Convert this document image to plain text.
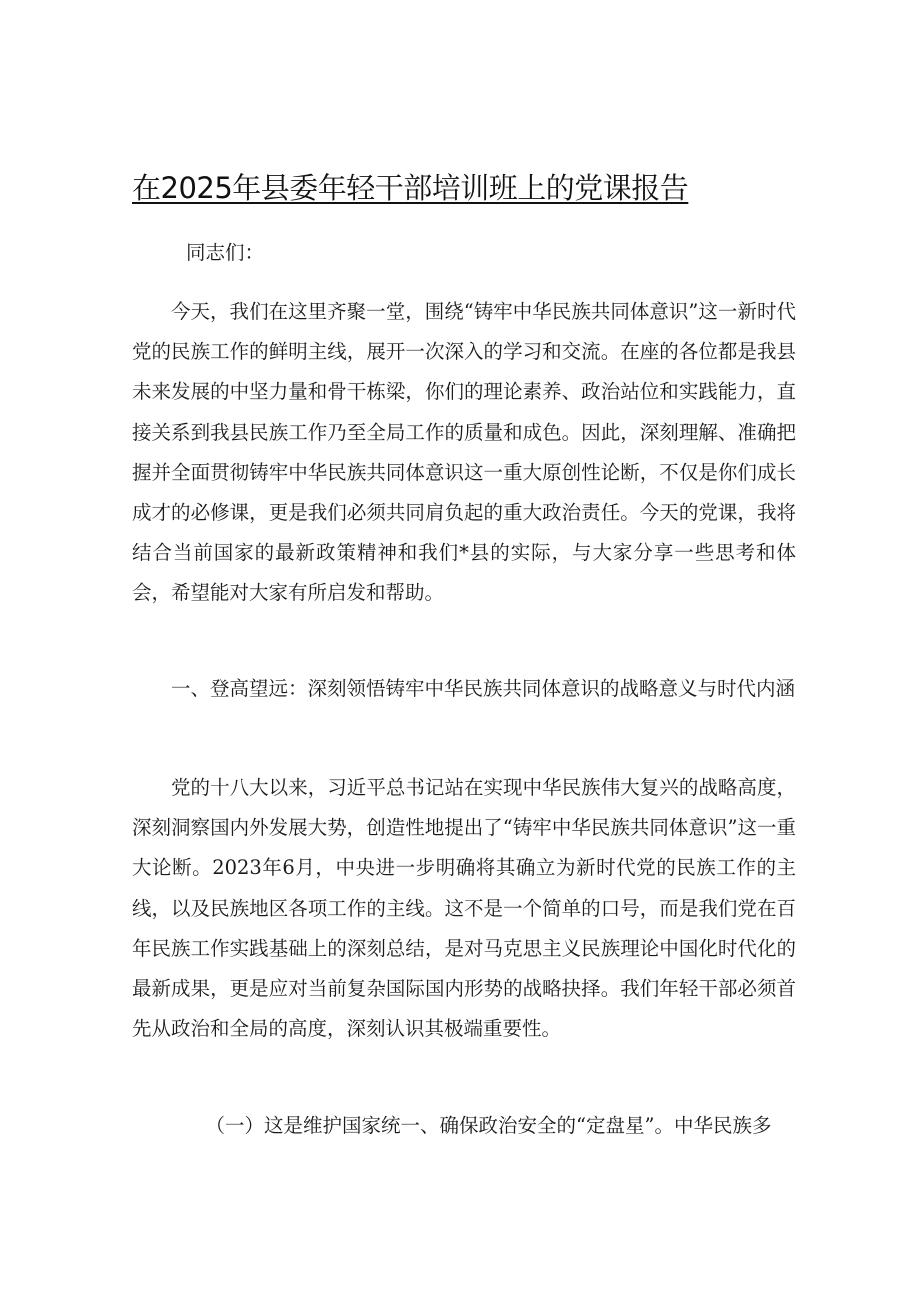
在2025年县委年轻干部培训班上的党课报告

同志们：

今天，我们在这里齐聚一堂，围绕“铸牢中华民族共同体意识”这一新时代党的民族工作的鲜明主线，展开一次深入的学习和交流。在座的各位都是我县未来发展的中坚力量和骨干栋梁，你们的理论素养、政治站位和实践能力，直接关系到我县民族工作乃至全局工作的质量和成色。因此，深刻理解、准确把握并全面贯彻铸牢中华民族共同体意识这一重大原创性论断，不仅是你们成长成才的必修课，更是我们必须共同肩负起的重大政治责任。今天的党课，我将结合当前国家的最新政策精神和我们*县的实际，与大家分享一些思考和体会，希望能对大家有所启发和帮助。

一、登高望远：深刻领悟铸牢中华民族共同体意识的战略意义与时代内涵

党的十八大以来，习近平总书记站在实现中华民族伟大复兴的战略高度，深刻洞察国内外发展大势，创造性地提出了“铸牢中华民族共同体意识”这一重大论断。2023年6月，中央进一步明确将其确立为新时代党的民族工作的主线，以及民族地区各项工作的主线。这不是一个简单的口号，而是我们党在百年民族工作实践基础上的深刻总结，是对马克思主义民族理论中国化时代化的最新成果，更是应对当前复杂国际国内形势的战略抉择。我们年轻干部必须首先从政治和全局的高度，深刻认识其极端重要性。

（一）这是维护国家统一、确保政治安全的“定盘星”。中华民族多
